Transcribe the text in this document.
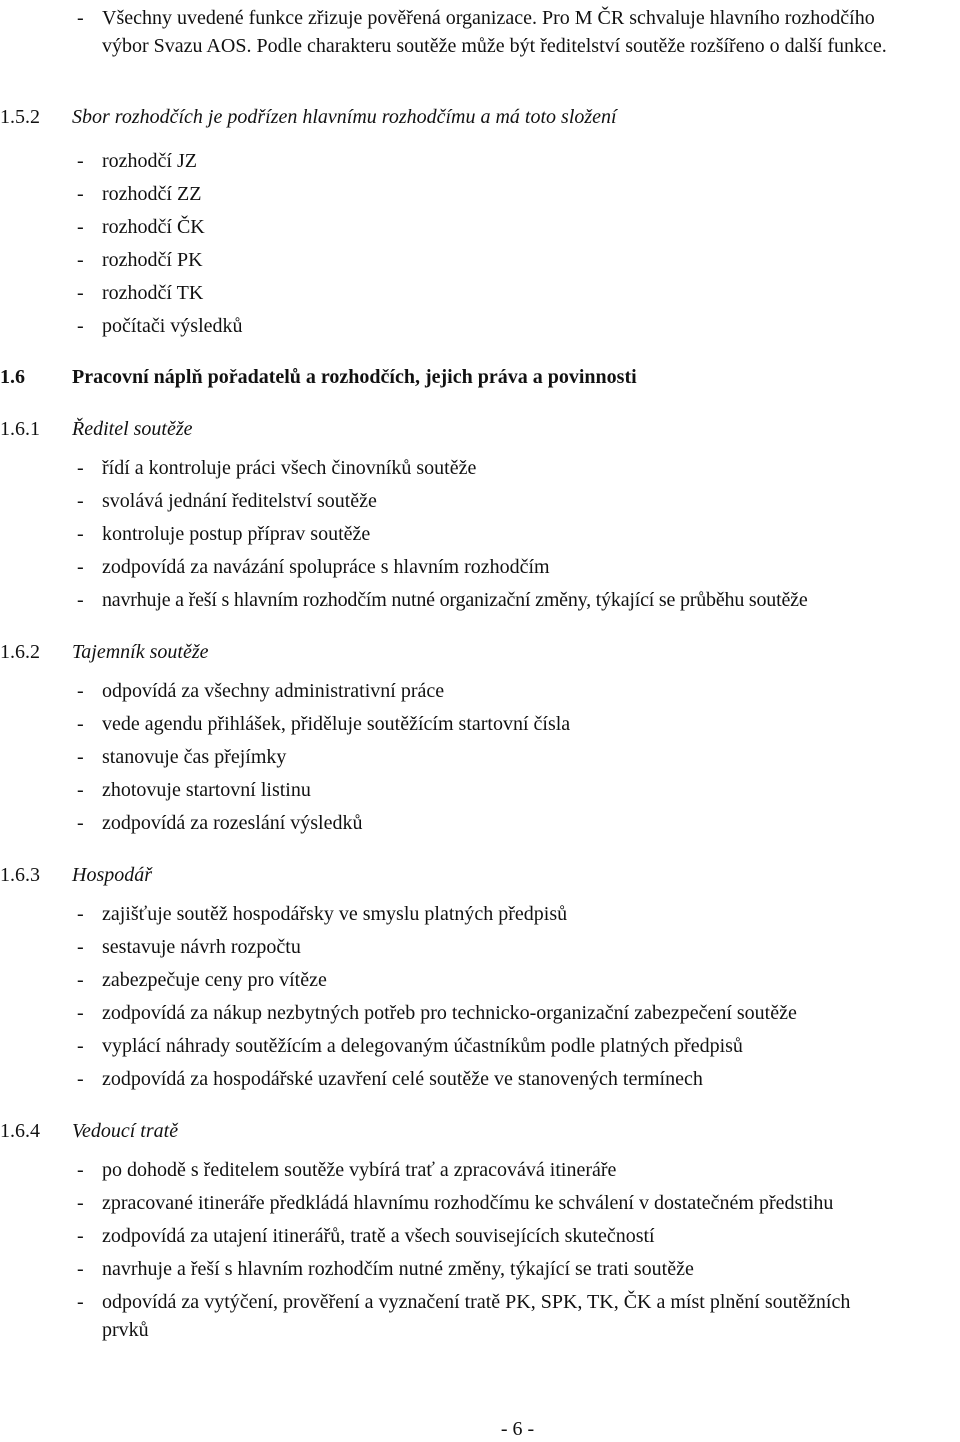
- Všechny uvedené funkce zřizuje pověřená organizace. Pro M ČR schvaluje hlavního rozhodčího výbor Svazu AOS. Podle charakteru soutěže může být ředitelství soutěže rozšířeno o další funkce.
1.5.2 Sbor rozhodčích je podřízen hlavnímu rozhodčímu a má toto složení
- rozhodčí JZ
- rozhodčí ZZ
- rozhodčí ČK
- rozhodčí PK
- rozhodčí TK
- počítači výsledků
1.6 Pracovní náplň pořadatelů a rozhodčích, jejich práva a povinnosti
1.6.1 Ředitel soutěže
- řídí a kontroluje práci všech činovníků soutěže
- svolává jednání ředitelství soutěže
- kontroluje postup příprav soutěže
- zodpovídá za navázání spolupráce s hlavním rozhodčím
- navrhuje a řeší s hlavním rozhodčím nutné organizační změny, týkající se průběhu soutěže
1.6.2 Tajemník soutěže
- odpovídá za všechny administrativní práce
- vede agendu přihlášek, přiděluje soutěžícím startovní čísla
- stanovuje čas přejímky
- zhotovuje startovní listinu
- zodpovídá za rozeslání výsledků
1.6.3 Hospodář
- zajišťuje soutěž hospodářsky ve smyslu platných předpisů
- sestavuje návrh rozpočtu
- zabezpečuje ceny pro vítěze
- zodpovídá za nákup nezbytných potřeb pro technicko-organizační zabezpečení soutěže
- vyplácí náhrady soutěžícím a delegovaným účastníkům podle platných předpisů
- zodpovídá za hospodářské uzavření celé soutěže ve stanovených termínech
1.6.4 Vedoucí tratě
- po dohodě s ředitelem soutěže vybírá trať a zpracovává itineráře
- zpracované itineráře předkládá hlavnímu rozhodčímu ke schválení v dostatečném předstihu
- zodpovídá za utajení itinerářů, tratě a všech souvisejících skutečností
- navrhuje a řeší s hlavním rozhodčím nutné změny, týkající se trati soutěže
- odpovídá za vytýčení, prověření a vyznačení tratě PK, SPK, TK, ČK a míst plnění soutěžních prvků
- 6 -
